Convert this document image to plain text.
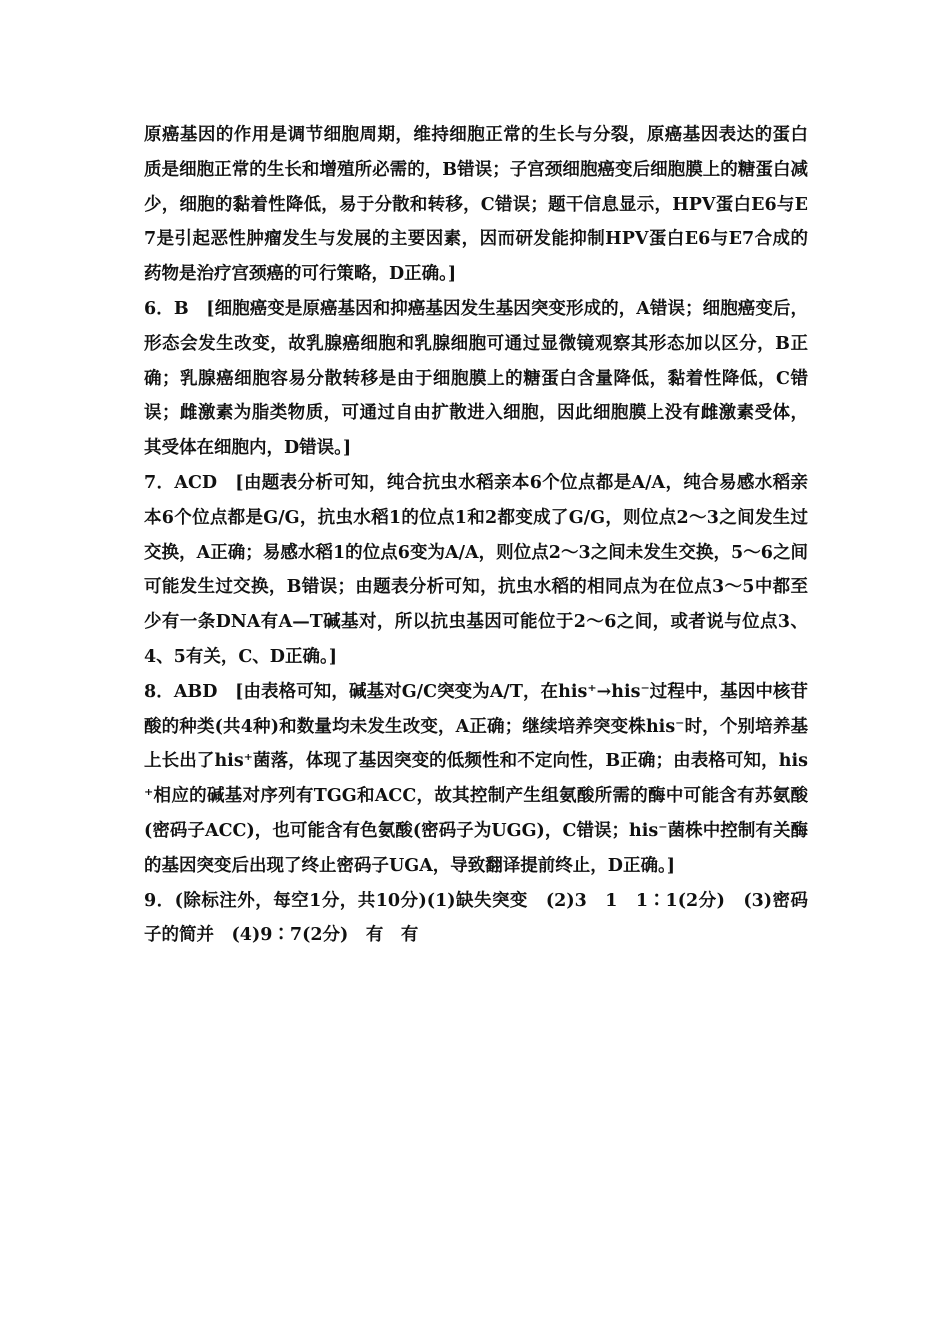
原癌基因的作用是调节细胞周期，维持细胞正常的生长与分裂，原癌基因表达的蛋白质是细胞正常的生长和增殖所必需的，B错误；子宫颈细胞癌变后细胞膜上的糖蛋白减少，细胞的黏着性降低，易于分散和转移，C错误；题干信息显示，HPV蛋白E6与E7是引起恶性肿瘤发生与发展的主要因素，因而研发能抑制HPV蛋白E6与E7合成的药物是治疗宫颈癌的可行策略，D正确。]

6．B　[细胞癌变是原癌基因和抑癌基因发生基因突变形成的，A错误；细胞癌变后，形态会发生改变，故乳腺癌细胞和乳腺细胞可通过显微镜观察其形态加以区分，B正确；乳腺癌细胞容易分散转移是由于细胞膜上的糖蛋白含量降低，黏着性降低，C错误；雌激素为脂类物质，可通过自由扩散进入细胞，因此细胞膜上没有雌激素受体，其受体在细胞内，D错误。]

7．ACD　[由题表分析可知，纯合抗虫水稻亲本6个位点都是A/A，纯合易感水稻亲本6个位点都是G/G，抗虫水稻1的位点1和2都变成了G/G，则位点2～3之间发生过交换，A正确；易感水稻1的位点6变为A/A，则位点2～3之间未发生交换，5～6之间可能发生过交换，B错误；由题表分析可知，抗虫水稻的相同点为在位点3～5中都至少有一条DNA有A—T碱基对，所以抗虫基因可能位于2～6之间，或者说与位点3、4、5有关，C、D正确。]

8．ABD　[由表格可知，碱基对G/C突变为A/T，在his⁺→his⁻过程中，基因中核苷酸的种类(共4种)和数量均未发生改变，A正确；继续培养突变株his⁻时，个别培养基上长出了his⁺菌落，体现了基因突变的低频性和不定向性，B正确；由表格可知，his⁺相应的碱基对序列有TGG和ACC，故其控制产生组氨酸所需的酶中可能含有苏氨酸(密码子ACC)，也可能含有色氨酸(密码子为UGG)，C错误；his⁻菌株中控制有关酶的基因突变后出现了终止密码子UGA，导致翻译提前终止，D正确。]

9．(除标注外，每空1分，共10分)(1)缺失突变　(2)3　1　1∶1(2分)　(3)密码子的简并　(4)9∶7(2分)　有　有
